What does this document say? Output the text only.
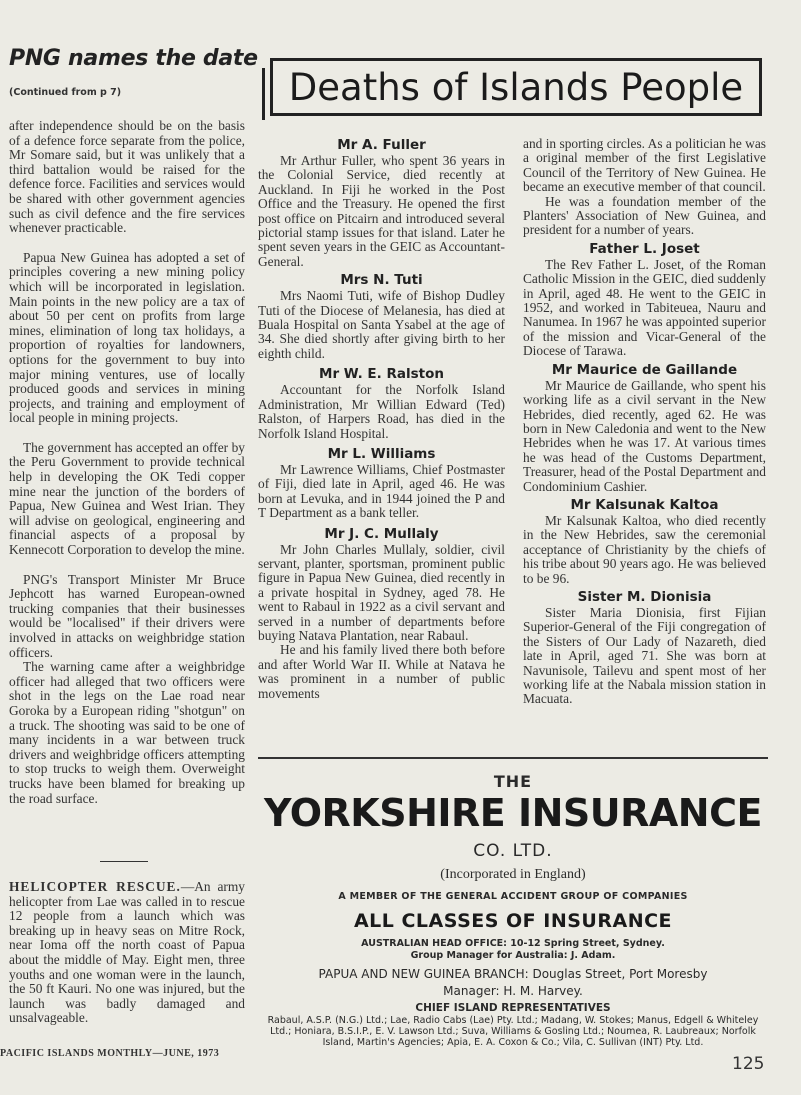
PNG names the date
(Continued from p 7)

after independence should be on the basis of a defence force separate from the police, Mr Somare said, but it was unlikely that a third battalion would be raised for the defence force. Facilities and services would be shared with other government agencies such as civil defence and the fire services whenever practicable.

Papua New Guinea has adopted a set of principles covering a new mining policy which will be incorporated in legislation. Main points in the new policy are a tax of about 50 per cent on profits from large mines, elimination of long tax holidays, a proportion of royalties for landowners, options for the government to buy into major mining ventures, use of locally produced goods and services in mining projects, and training and employment of local people in mining projects.

The government has accepted an offer by the Peru Government to provide technical help in developing the OK Tedi copper mine near the junction of the borders of Papua, New Guinea and West Irian. They will advise on geological, engineering and financial aspects of a proposal by Kennecott Corporation to develop the mine.

PNG's Transport Minister Mr Bruce Jephcott has warned European-owned trucking companies that their businesses would be "localised" if their drivers were involved in attacks on weighbridge station officers.

The warning came after a weighbridge officer had alleged that two officers were shot in the legs on the Lae road near Goroka by a European riding "shotgun" on a truck. The shooting was said to be one of many incidents in a war between truck drivers and weighbridge officers attempting to stop trucks to weigh them. Overweight trucks have been blamed for breaking up the road surface.

HELICOPTER RESCUE.—An army helicopter from Lae was called in to rescue 12 people from a launch which was breaking up in heavy seas on Mitre Rock, near Ioma off the north coast of Papua about the middle of May. Eight men, three youths and one woman were in the launch, the 50 ft Kauri. No one was injured, but the launch was badly damaged and unsalvageable.

PACIFIC ISLANDS MONTHLY—JUNE, 1973
125
Deaths of Islands People

Mr A. Fuller

Mr Arthur Fuller, who spent 36 years in the Colonial Service, died recently at Auckland. In Fiji he worked in the Post Office and the Treasury. He opened the first post office on Pitcairn and introduced several pictorial stamp issues for that island. Later he spent seven years in the GEIC as Accountant-General.

Mrs N. Tuti

Mrs Naomi Tuti, wife of Bishop Dudley Tuti of the Diocese of Melanesia, has died at Buala Hospital on Santa Ysabel at the age of 34. She died shortly after giving birth to her eighth child.

Mr W. E. Ralston

Accountant for the Norfolk Island Administration, Mr Willian Edward (Ted) Ralston, of Harpers Road, has died in the Norfolk Island Hospital.

Mr L. Williams

Mr Lawrence Williams, Chief Postmaster of Fiji, died late in April, aged 46. He was born at Levuka, and in 1944 joined the P and T Department as a bank teller.

Mr J. C. Mullaly

Mr John Charles Mullaly, soldier, civil servant, planter, sportsman, prominent public figure in Papua New Guinea, died recently in a private hospital in Sydney, aged 78. He went to Rabaul in 1922 as a civil servant and served in a number of departments before buying Natava Plantation, near Rabaul.

He and his family lived there both before and after World War II. While at Natava he was prominent in a number of public movements

and in sporting circles. As a politician he was a original member of the first Legislative Council of the Territory of New Guinea. He became an executive member of that council.

He was a foundation member of the Planters' Association of New Guinea, and president for a number of years.

Father L. Joset

The Rev Father L. Joset, of the Roman Catholic Mission in the GEIC, died suddenly in April, aged 48. He went to the GEIC in 1952, and worked in Tabiteuea, Nauru and Nanumea. In 1967 he was appointed superior of the mission and Vicar-General of the Diocese of Tarawa.

Mr Maurice de Gaillande

Mr Maurice de Gaillande, who spent his working life as a civil servant in the New Hebrides, died recently, aged 62. He was born in New Caledonia and went to the New Hebrides when he was 17. At various times he was head of the Customs Department, Treasurer, head of the Postal Department and Condominium Cashier.

Mr Kalsunak Kaltoa

Mr Kalsunak Kaltoa, who died recently in the New Hebrides, saw the ceremonial acceptance of Christianity by the chiefs of his tribe about 90 years ago. He was believed to be 96.

Sister M. Dionisia

Sister Maria Dionisia, first Fijian Superior-General of the Fiji congregation of the Sisters of Our Lady of Nazareth, died late in April, aged 71. She was born at Navunisole, Tailevu and spent most of her working life at the Nabala mission station in Macuata.

THE
YORKSHIRE INSURANCE
CO. LTD.
(Incorporated in England)
A MEMBER OF THE GENERAL ACCIDENT GROUP OF COMPANIES
ALL CLASSES OF INSURANCE
AUSTRALIAN HEAD OFFICE: 10-12 Spring Street, Sydney.
Group Manager for Australia: J. Adam.
PAPUA AND NEW GUINEA BRANCH: Douglas Street, Port Moresby
Manager: H. M. Harvey.
CHIEF ISLAND REPRESENTATIVES
Rabaul, A.S.P. (N.G.) Ltd.; Lae, Radio Cabs (Lae) Pty. Ltd.; Madang, W. Stokes; Manus, Edgell & Whiteley Ltd.; Honiara, B.S.I.P., E. V. Lawson Ltd.; Suva, Williams & Gosling Ltd.; Noumea, R. Laubreaux; Norfolk Island, Martin's Agencies; Apia, E. A. Coxon & Co.; Vila, C. Sullivan (INT) Pty. Ltd.
